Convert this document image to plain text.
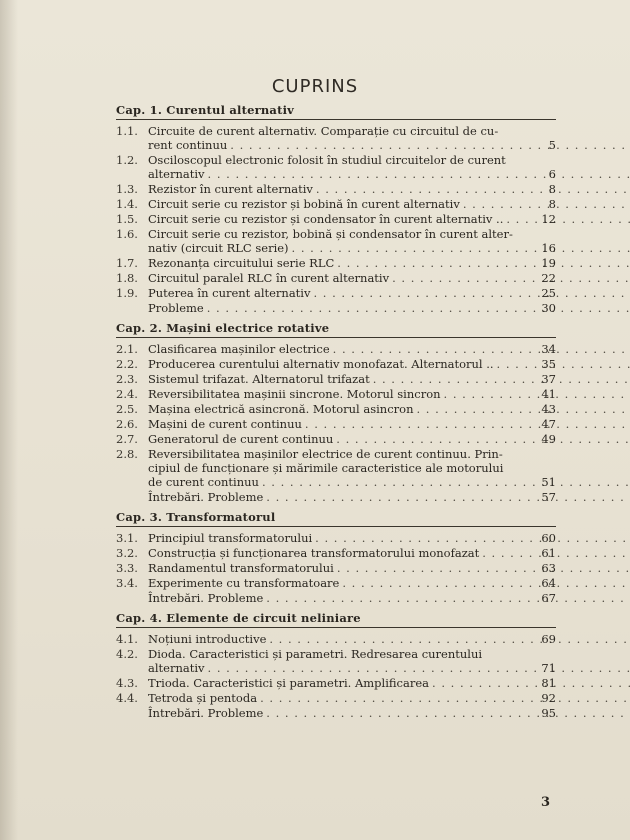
CUPRINS
Cap. 1. Curentul alternativ
1.1. Circuite de curent alternativ. Comparație cu circuitul de cu-
rent continuu . . .	5
1.2. Osciloscopul electronic folosit în studiul circuitelor de curent
alternativ . . .	6
1.3. Rezistor în curent alternativ . . .	8
1.4. Circuit serie cu rezistor și bobină în curent alternativ . . .	8
1.5. Circuit serie cu rezistor și condensator în curent alternativ .. . . .	12
1.6. Circuit serie cu rezistor, bobină și condensator în curent alter-
nativ (circuit RLC serie) . . .	16
1.7. Rezonanța circuitului serie RLC . . .	19
1.8. Circuitul paralel RLC în curent alternativ . . .	22
1.9. Puterea în curent alternativ . . .	25
Probleme . . .	30
Cap. 2. Mașini electrice rotative
2.1. Clasificarea mașinilor electrice . . .	34
2.2. Producerea curentului alternativ monofazat. Alternatorul .. . . .	35
2.3. Sistemul trifazat. Alternatorul trifazat . . .	37
2.4. Reversibilitatea mașinii sincrone. Motorul sincron . . .	41
2.5. Mașina electrică asincronă. Motorul asincron . . .	43
2.6. Mașini de curent continuu . . .	47
2.7. Generatorul de curent continuu . . .	49
2.8. Reversibilitatea mașinilor electrice de curent continuu. Prin-
cipiul de funcționare și mărimile caracteristice ale motorului
de curent continuu . . .	51
Întrebări. Probleme . . .	57
Cap. 3. Transformatorul
3.1. Principiul transformatorului . . .	60
3.2. Construcția și funcționarea transformatorului monofazat . . .	61
3.3. Randamentul transformatorului . . .	63
3.4. Experimente cu transformatoare . . .	64
Întrebări. Probleme . . .	67
Cap. 4. Elemente de circuit neliniare
4.1. Noțiuni introductive . . .	69
4.2. Dioda. Caracteristici și parametri. Redresarea curentului
alternativ . . .	71
4.3. Trioda. Caracteristici și parametri. Amplificarea . . .	81
4.4. Tetroda și pentoda . . .	92
Întrebări. Probleme . . .	95
3
